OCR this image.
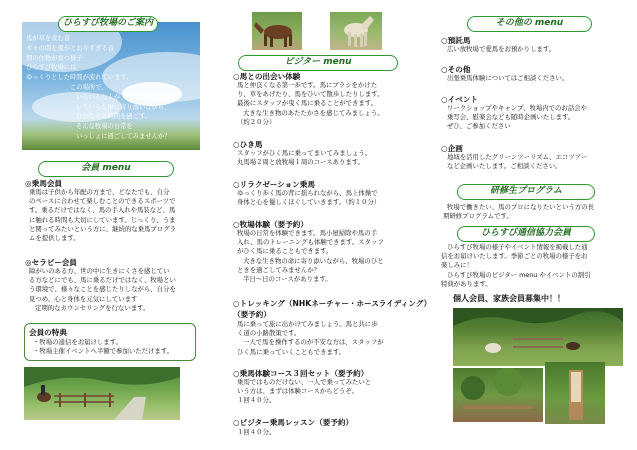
馬が草を食む音
木々の間を風がとおりすぎる音
畑の作物が育つ様子
ひらすび牧場には
ゆっくりとした時間が流れています。
この場所で、
いろいろな人が、
いろいろな形に寄り添いながら、
自分なりの時間を過ごす。
そんな牧場の日常を
いっしょに過ごしてみませんか？
ひらすび牧場のご案内
会員 menu
◎乗馬会員
乗馬は子供から年配の方まで、どなたでも、自分
のペースに合わせて楽しむことのできるスポーツで
す。乗るだけではなく、馬の手入れや馬装など、馬
に触れる時間も大切にしています。じっくり、うま
と関ってみたいという方に、継続的な乗馬プログラ
ムを提供します。
◎セラピー会員
障がいのある方、世の中に生きにくさを感じてい
る方などにでも、馬に乗るだけではなく、牧場とい
う環境で、様々なことを感じたりしながら、自分を
見つめ、心と身体を元気にしています
定期的なカウンセリングを行ないます。
会員の特典
・牧場の通信をお届けします。
・牧場主催イベントへ半額で参加いただけます。
ビジター menu
○馬との出会い体験
馬と仲良くなる第一歩です。馬にブラシをかけた
り、草をあげたり、馬をひいて散歩したりします。
最後にスタッフが曳く馬に乗ることができます。
大きな生き物のあたたかさを感じてみましょう。
（約２０分）
○ひき馬
スタッフがひく馬に乗ってまいてみましょう。
丸馬場２周と放牧場１周のコースあります。
○リラクゼーション乗馬
ゆっくり歩く馬の背に揺られながら、馬上体操で
身体と心を優しくほぐしていきます。（約１０分）
○牧場体験（要予約）
牧場の日常を体験できます。馬小屋掃除や馬の手
入れ、馬のトレーニングも体験できます。スタッフ
がひく馬に乗ることもできます。
大きな生き物の命に寄り添いながら、牧場のひと
ときを過ごしてみませんか？
半日～日のコースがあります。
○トレッキング（NHKネーチャー・ホースライディング）
（要予約）
馬に乗って旅に出かけてみましょう。馬と共に歩
く道の小路散策です。
一人で馬を操作するのが不安な方は、スタッフが
ひく馬に乗っていくこともできます。
○乗馬体験コース３回セット（要予約）
乗馬ではものだけない、一人で乗ってみたいと
いう方は、まずは体験コースからどうぞ。
１回４０分。
○ビジター乗馬レッスン（要予約）
１回４０分。
その他の menu
○預託馬
広い放牧場で愛馬をお預かりします。
○その他
出張乗馬体験についてはご相談ください。
○イベント
ワークショップやキャンプ、牧場内でのお話会や
乗写会、慰楽会なども随時企画いたします。
ぜひ、ご参加ください
○企画
地域を活用したグリーンツーリズム、エコツアー
など企画いたします。ご相談ください。
研修生プログラム
牧場で働きたい、馬のプロになりたいという方の長
期研修プログラムです。
ひらすび通信協力会員
ひらすび牧場の様子やイベント情報を掲載した通
信をお届けいたします。季節ごとの牧場の様子をお
楽しみに！
ひらすび牧場のビジター menu やイベントの割引
特典があります。
個人会員、家族会員募集中！！
